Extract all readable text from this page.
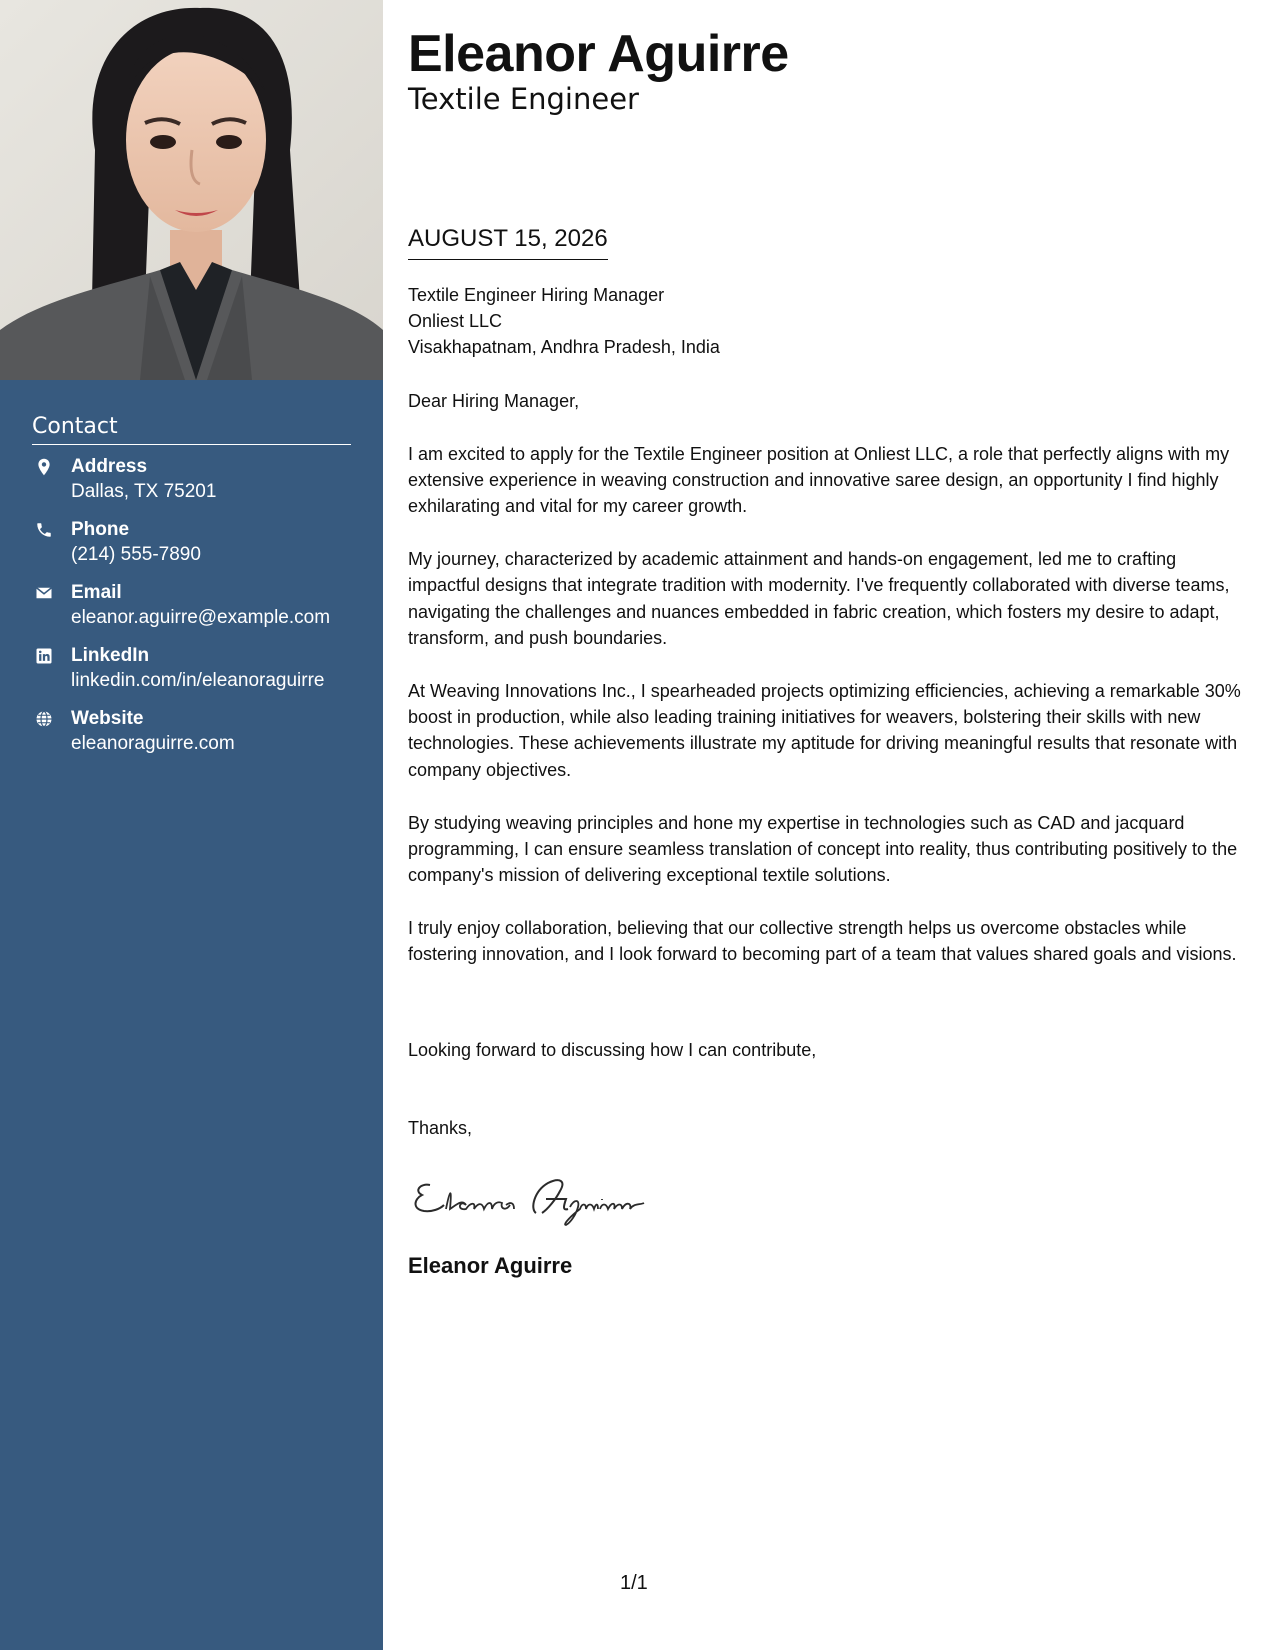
Contact
Address
Dallas, TX 75201
Phone
(214) 555-7890
Email
eleanor.aguirre@example.com
LinkedIn
linkedin.com/in/eleanoraguirre
Website
eleanoraguirre.com
Eleanor Aguirre
Textile Engineer
AUGUST 15, 2026
Textile Engineer Hiring Manager
Onliest LLC
Visakhapatnam, Andhra Pradesh, India

Dear Hiring Manager,

I am excited to apply for the Textile Engineer position at Onliest LLC, a role that perfectly aligns with my extensive experience in weaving construction and innovative saree design, an opportunity I find highly exhilarating and vital for my career growth.

My journey, characterized by academic attainment and hands-on engagement, led me to crafting impactful designs that integrate tradition with modernity. I've frequently collaborated with diverse teams, navigating the challenges and nuances embedded in fabric creation, which fosters my desire to adapt, transform, and push boundaries.

At Weaving Innovations Inc., I spearheaded projects optimizing efficiencies, achieving a remarkable 30% boost in production, while also leading training initiatives for weavers, bolstering their skills with new technologies. These achievements illustrate my aptitude for driving meaningful results that resonate with company objectives.

By studying weaving principles and hone my expertise in technologies such as CAD and jacquard programming, I can ensure seamless translation of concept into reality, thus contributing positively to the company's mission of delivering exceptional textile solutions.

I truly enjoy collaboration, believing that our collective strength helps us overcome obstacles while fostering innovation, and I look forward to becoming part of a team that values shared goals and visions.

Looking forward to discussing how I can contribute,
Thanks,
Eleanor Aguirre
1/1
